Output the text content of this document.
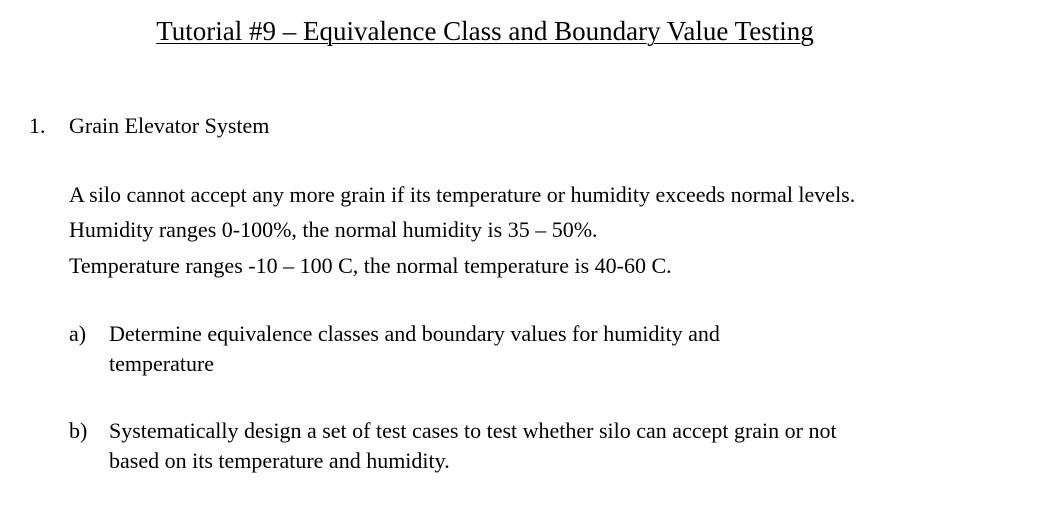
Tutorial #9 – Equivalence Class and Boundary Value Testing
1. Grain Elevator System
A silo cannot accept any more grain if its temperature or humidity exceeds normal levels.
Humidity ranges 0-100%, the normal humidity is 35 – 50%.
Temperature ranges -10 – 100 C, the normal temperature is 40-60 C.
a) Determine equivalence classes and boundary values for humidity and
temperature
b) Systematically design a set of test cases to test whether silo can accept grain or not
based on its temperature and humidity.
